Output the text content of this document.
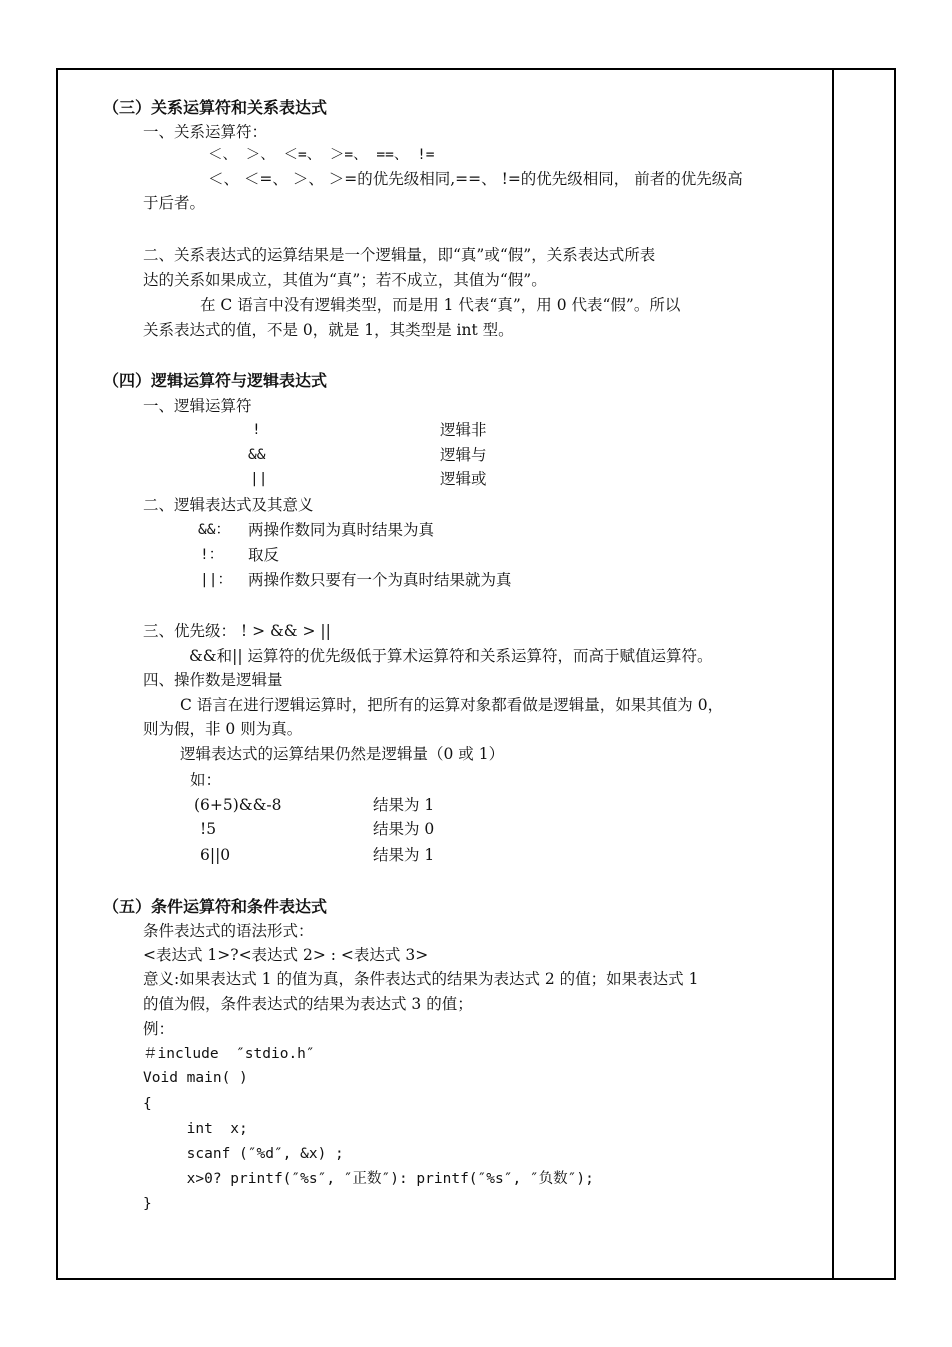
（三）关系运算符和关系表达式
一、关系运算符：
＜、 ＞、 ＜=、 ＞=、 ==、 !=
＜、 ＜=、 ＞、 ＞=的优先级相同,==、 !=的优先级相同， 前者的优先级高
于后者。
二、关系表达式的运算结果是一个逻辑量，即“真”或“假”，关系表达式所表
达的关系如果成立，其值为“真”；若不成立，其值为“假”。
在 C 语言中没有逻辑类型，而是用 1 代表“真”，用 0 代表“假”。所以
关系表达式的值，不是 0，就是 1，其类型是 int 型。
（四）逻辑运算符与逻辑表达式
一、逻辑运算符
!	逻辑非
&&	逻辑与
||	逻辑或
二、逻辑表达式及其意义
&&： 两操作数同为真时结果为真
!： 取反
||： 两操作数只要有一个为真时结果就为真
三、优先级： ! > && > ||
&&和|| 运算符的优先级低于算术运算符和关系运算符，而高于赋值运算符。
四、操作数是逻辑量
C 语言在进行逻辑运算时，把所有的运算对象都看做是逻辑量，如果其值为 0，
则为假，非 0 则为真。
逻辑表达式的运算结果仍然是逻辑量（0 或 1）
如：
(6+5)&&-8	结果为 1
!5	结果为 0
6||0	结果为 1
（五）条件运算符和条件表达式
条件表达式的语法形式：
<表达式 1>?<表达式 2> : <表达式 3>
意义:如果表达式 1 的值为真，条件表达式的结果为表达式 2 的值；如果表达式 1
的值为假，条件表达式的结果为表达式 3 的值；
例：
＃include  ″stdio.h″
Void main( )
{
int  x;
scanf (″%d″, &x) ;
x>0? printf(″%s″, ″正数″): printf(″%s″, ″负数″);
}
